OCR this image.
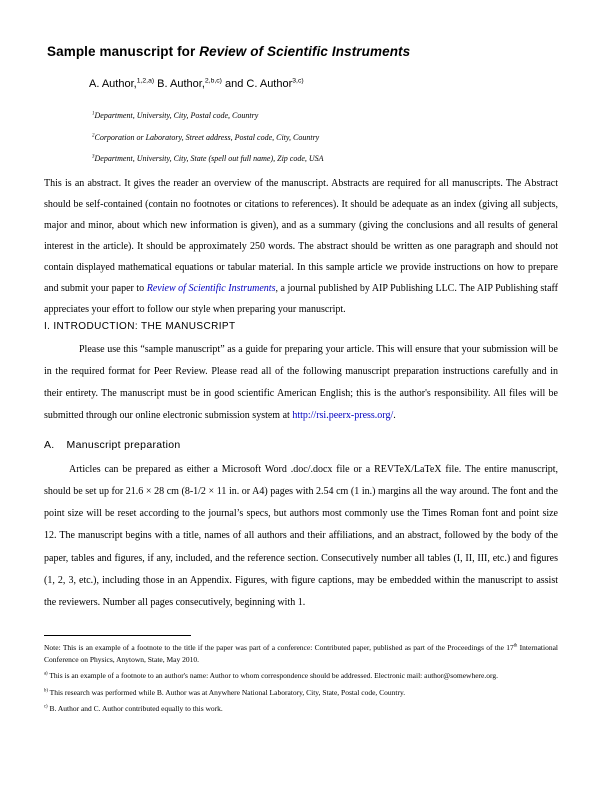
Sample manuscript for Review of Scientific Instruments

A. Author,$^{1,2,a)}$ B. Author,$^{2,b,c)}$ and C. Author$^{3,c)}$

$^1$Department, University, City, Postal code, Country

$^2$Corporation or Laboratory, Street address, Postal code, City, Country

$^3$Department, University, City, State (spell out full name), Zip code, USA

This is an abstract. It gives the reader an overview of the manuscript. Abstracts are required for all manuscripts. The Abstract should be self-contained (contain no footnotes or citations to references). It should be adequate as an index (giving all subjects, major and minor, about which new information is given), and as a summary (giving the conclusions and all results of general interest in the article). It should be approximately 250 words. The abstract should be written as one paragraph and should not contain displayed mathematical equations or tabular material. In this sample article we provide instructions on how to prepare and submit your paper to Review of Scientific Instruments, a journal published by AIP Publishing LLC. The AIP Publishing staff appreciates your effort to follow our style when preparing your manuscript.

I. INTRODUCTION: THE MANUSCRIPT

Please use this “sample manuscript” as a guide for preparing your article. This will ensure that your submission will be in the required format for Peer Review. Please read all of the following manuscript preparation instructions carefully and in their entirety. The manuscript must be in good scientific American English; this is the author's responsibility. All files will be submitted through our online electronic submission system at http://rsi.peerx-press.org/.

A. Manuscript preparation

Articles can be prepared as either a Microsoft Word .doc/.docx file or a REVTeX/LaTeX file. The entire manuscript, should be set up for 21.6 × 28 cm (8-1/2 × 11 in. or A4) pages with 2.54 cm (1 in.) margins all the way around. The font and the point size will be reset according to the journal’s specs, but authors most commonly use the Times Roman font and point size 12. The manuscript begins with a title, names of all authors and their affiliations, and an abstract, followed by the body of the paper, tables and figures, if any, included, and the reference section. Consecutively number all tables (I, II, III, etc.) and figures (1, 2, 3, etc.), including those in an Appendix. Figures, with figure captions, may be embedded within the manuscript to assist the reviewers. Number all pages consecutively, beginning with 1.

Note: This is an example of a footnote to the title if the paper was part of a conference: Contributed paper, published as part of the Proceedings of the 17th International Conference on Physics, Anytown, State, May 2010.

$^{a)}$ This is an example of a footnote to an author's name: Author to whom correspondence should be addressed. Electronic mail: author@somewhere.org.

$^{b)}$ This research was performed while B. Author was at Anywhere National Laboratory, City, State, Postal code, Country.

$^{c)}$ B. Author and C. Author contributed equally to this work.
